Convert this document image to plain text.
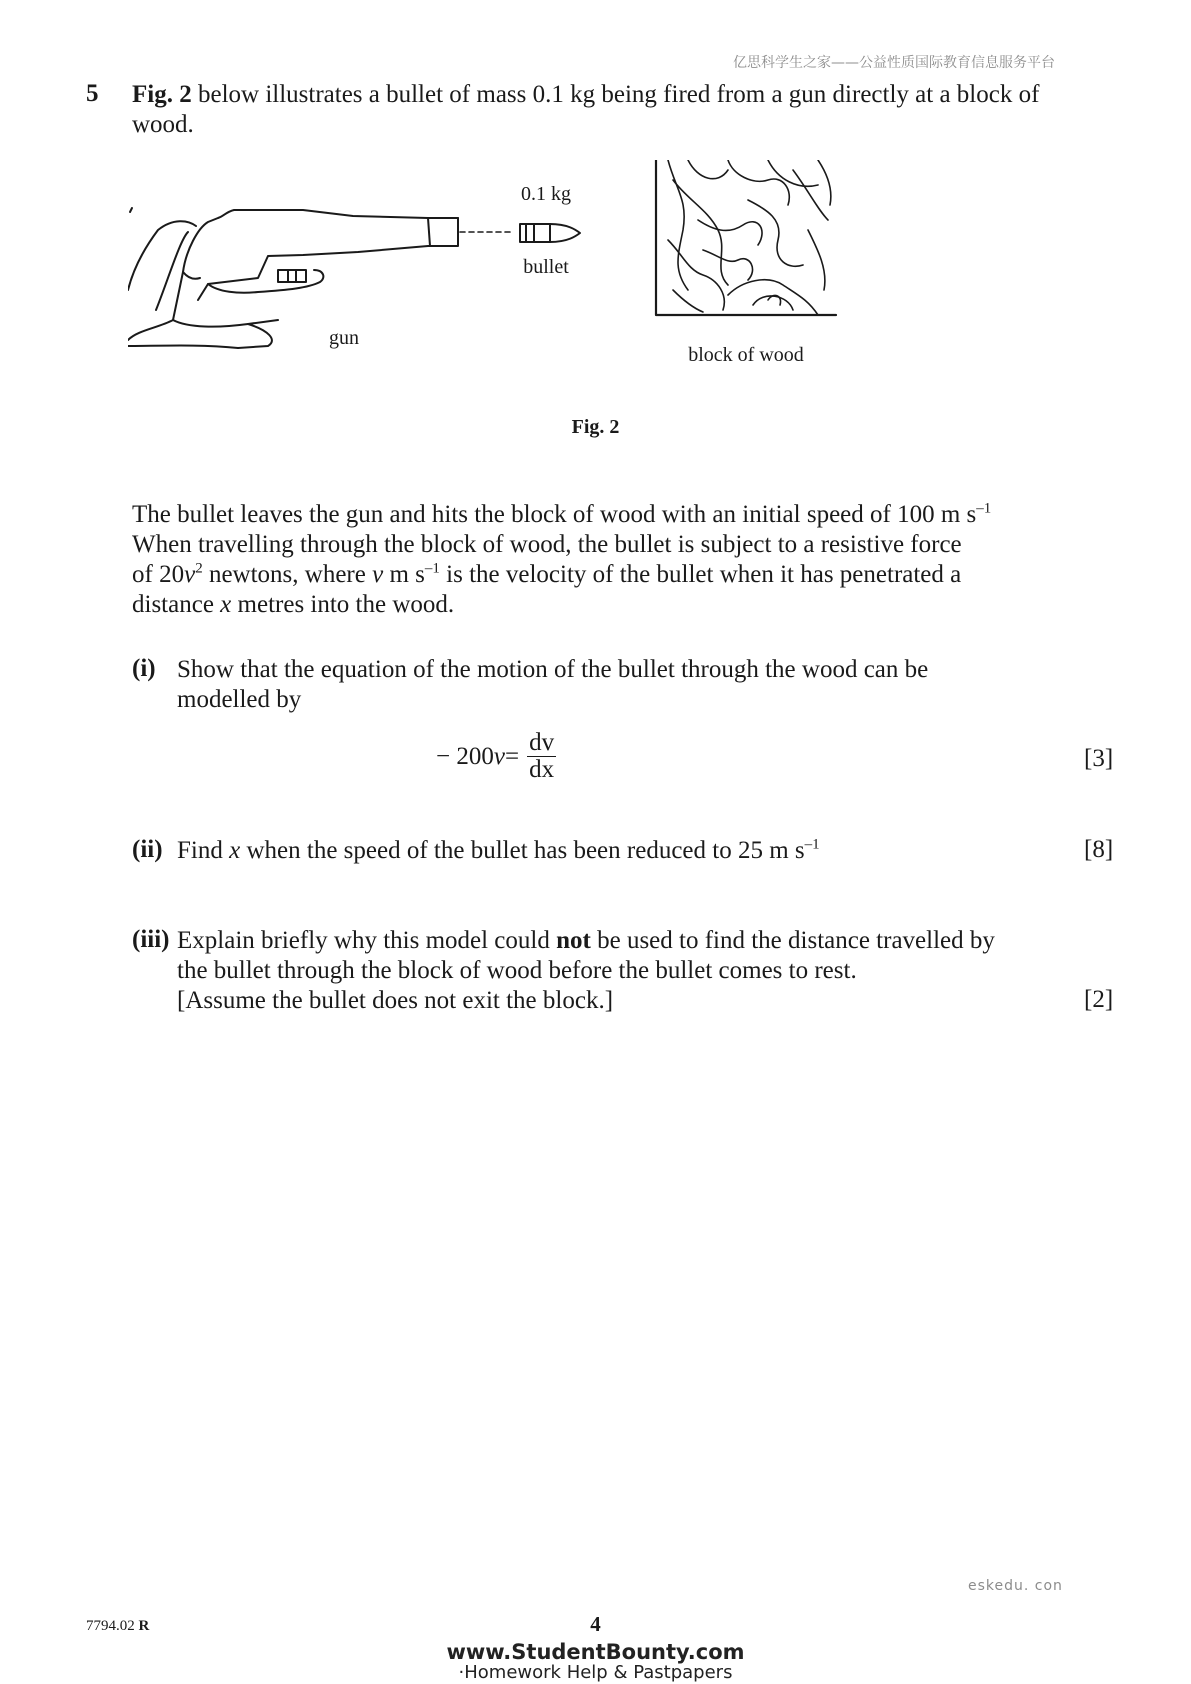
亿思科学生之家——公益性质国际教育信息服务平台
5 Fig. 2 below illustrates a bullet of mass 0.1 kg being fired from a gun directly at a block of wood.
0.1 kg
bullet
gun
block of wood
Fig. 2
The bullet leaves the gun and hits the block of wood with an initial speed of 100 m $s^{-1}$
When travelling through the block of wood, the bullet is subject to a resistive force
of $20v^2$ newtons, where v m $s^{-1}$ is the velocity of the bullet when it has penetrated a
distance x metres into the wood.
(i) Show that the equation of the motion of the bullet through the wood can be
modelled by
− 200 $v = \frac{dv}{dx}$	[3]
(ii) Find x when the speed of the bullet has been reduced to 25 m $s^{-1}$	[8]
(iii) Explain briefly why this model could not be used to find the distance travelled by
the bullet through the block of wood before the bullet comes to rest.
[Assume the bullet does not exit the block.]	[2]
eskedu. con
7794.02 R	4
www.StudentBounty.com
·Homework Help & Pastpapers
